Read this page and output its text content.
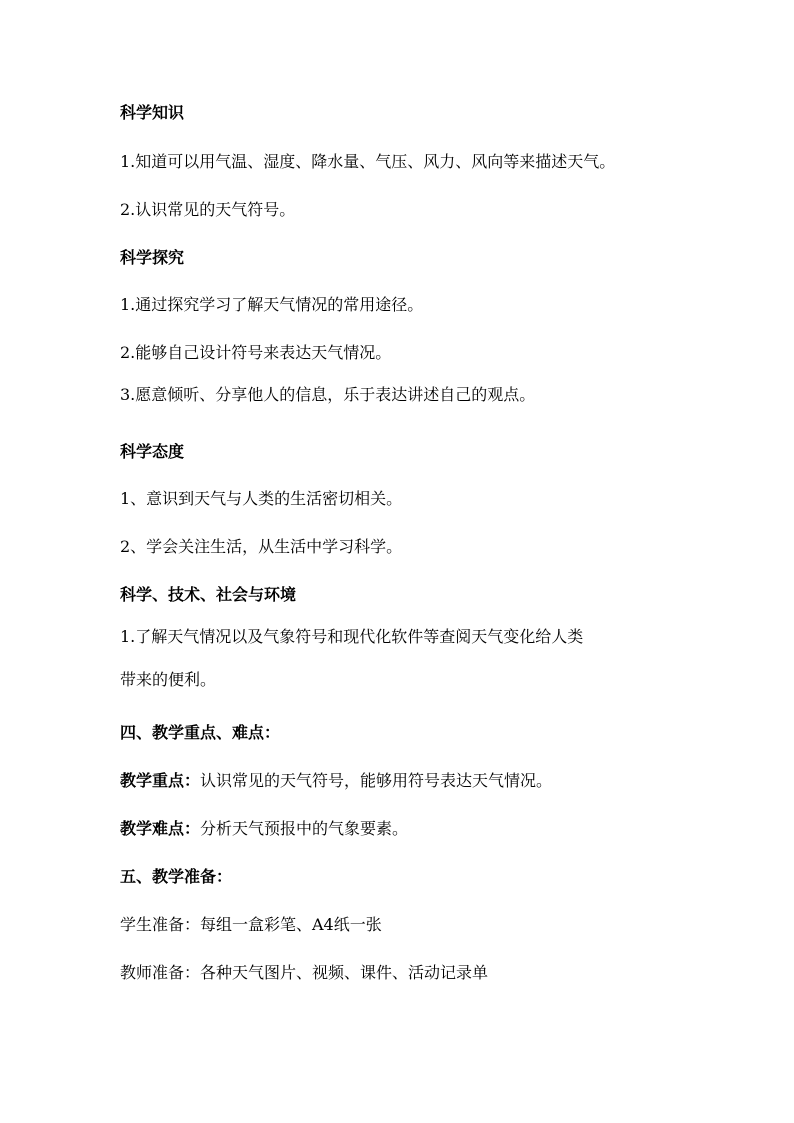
科学知识

1.知道可以用气温、湿度、降水量、气压、风力、风向等来描述天气。

2.认识常见的天气符号。

科学探究

1.通过探究学习了解天气情况的常用途径。

2.能够自己设计符号来表达天气情况。

3.愿意倾听、分享他人的信息，乐于表达讲述自己的观点。

科学态度

1、意识到天气与人类的生活密切相关。

2、学会关注生活，从生活中学习科学。

科学、技术、社会与环境

1.了解天气情况以及气象符号和现代化软件等查阅天气变化给人类

带来的便利。

四、教学重点、难点：

教学重点：认识常见的天气符号，能够用符号表达天气情况。

教学难点：分析天气预报中的气象要素。

五、教学准备：

学生准备：每组一盒彩笔、A4纸一张

教师准备：各种天气图片、视频、课件、活动记录单
